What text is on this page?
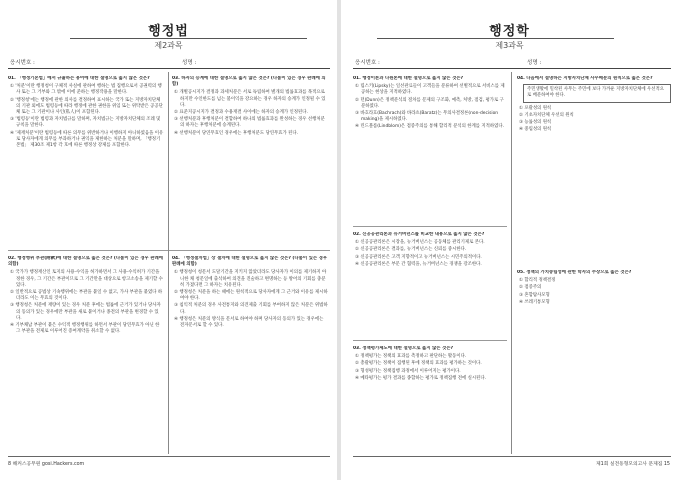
행정법
제2과목
응시번호 :	성명 :
01. 「행정기본법」에서 규율하는 용어에 대한 설명으로 옳지 않은 것은?
① '처분'이란 행정청이 구체적 사실에 관하여 행하는 법 집행으로서 공권력의 행사 또는 그 거부와 그 밖에 이에 준하는 행정작용을 말한다.
② '행정청'에는 행정에 관한 의사를 결정하여 표시하는 국가 또는 지방자치단체의 기관 외에도 법령등에 따라 행정에 관한 권한을 위임 또는 위탁받은 공공단체 또는 그 기관이나 사인(私人)이 포함된다.
③ '법령등'이란 법령과 자치법규를 말하며, 자치법규는 지방자치단체의 조례 및 규칙을 말한다.
④ '제재처분'이란 법령등에 따른 의무를 위반하거나 이행하지 아니하였음을 이유로 당사자에게 의무를 부과하거나 권익을 제한하는 처분을 말하며, 「행정기본법」 제30조 제1항 각 호에 따른 행정상 강제를 포함한다.
03. 하자의 승계에 대한 설명으로 옳지 않은 것은? (다툼이 있는 경우 판례에 의함)
① 개별공시지가 결정과 과세처분은 서로 독립하여 별개의 법률효과를 목적으로 하지만 수인한도를 넘는 불이익을 강요하는 경우 하자의 승계가 인정될 수 있다.
② 표준지공시지가 결정과 수용재결 사이에는 하자의 승계가 인정된다.
③ 선행처분과 후행처분이 결합하여 하나의 법률효과를 완성하는 경우 선행처분의 하자는 후행처분에 승계된다.
④ 선행처분이 당연무효인 경우에는 후행처분도 당연무효가 된다.
02. 행정행위 부관(附款)에 대한 설명으로 옳은 것은? (다툼이 있는 경우 판례에 의함)
① 국가가 행정재산인 토지의 사용·수익을 허가하면서 그 사용·수익허가 기간을 정한 경우, 그 기간은 부관이므로 그 기간만을 대상으로 항고소송을 제기할 수 있다.
② 일반적으로 공법상 기속행위에는 부관을 붙일 수 없고, 가사 부관을 붙였다 하더라도 이는 무효의 것이다.
③ 행정청은 처분에 재량이 있는 경우 처분 후에는 법률에 근거가 있거나 당사자의 동의가 있는 경우에만 부관을 새로 붙이거나 종전의 부관을 변경할 수 있다.
④ 기부채납 부관이 붙은 수익적 행정행위를 하면서 부관이 당연무효가 아닌 한 그 부관을 전제로 이루어진 증여계약을 취소할 수 없다.
04. 「행정절차법」상 절차에 대한 설명으로 옳지 않은 것은? (다툼이 있는 경우 판례에 의함)
① 행정청이 청문서 도달기간을 지키지 않았더라도 당사자가 이의를 제기하지 아니한 채 청문일에 출석하여 의견을 진술하고 변명하는 등 방어의 기회를 충분히 가졌다면 그 하자는 치유된다.
② 행정청은 처분을 하는 때에는 원칙적으로 당사자에게 그 근거와 이유를 제시하여야 한다.
③ 침익적 처분의 경우 사전통지와 의견제출 기회를 부여하지 않은 처분은 위법하다.
④ 행정청은 처분의 방식을 문서로 하여야 하며 당사자의 동의가 있는 경우에는 전자문서로 할 수 있다.
8 해커스공무원 gosi.Hackers.com
행정학
제3과목
응시번호 :	성명 :
01. 행정이론과 다원론에 대한 설명으로 옳지 않은 것은?
① 립스키(Lipsky)는 일선관료들이 고객들을 분류하여 선별적으로 서비스를 제공하는 현상을 지적하였다.
② 던(Dunn)은 정책분석의 절차를 문제의 구조화, 예측, 처방, 점검, 평가로 구분하였다.
③ 바흐라흐(Bachrach)와 바라츠(Baratz)는 무의사결정론(non-decision making)을 제시하였다.
④ 린드블롬(Lindblom)은 점증주의를 통해 합리적 분석의 한계를 지적하였다.
02. 신공공관리론과 뉴거버넌스를 비교한 내용으로 옳지 않은 것은?
① 신공공관리론은 시장을, 뉴거버넌스는 공동체를 관리기제로 본다.
② 신공공관리론은 결과를, 뉴거버넌스는 신뢰를 중시한다.
③ 신공공관리론은 고객 지향적이고 뉴거버넌스는 시민주의적이다.
④ 신공공관리론은 부문 간 협력을, 뉴거버넌스는 경쟁을 강조한다.
03. 정책평가제도에 대한 설명으로 옳지 않은 것은?
① 정책평가는 정책의 효과를 측정하고 판단하는 활동이다.
② 총괄평가는 정책이 집행된 후에 정책의 효과를 평가하는 것이다.
③ 형성평가는 정책집행 과정에서 이루어지는 평가이다.
④ 메타평가는 평가 결과를 종합하는 평가로 정책집행 전에 실시된다.
04. 다음에서 설명하는 지방자치단체 사무배분의 원칙으로 옳은 것은?
주민생활에 밀착된 사무는 주민에 보다 가까운 지방자치단체에 우선적으로 배분하여야 한다.
① 포괄성의 원칙
② 기초자치단체 우선의 원칙
③ 능률성의 원칙
④ 중립성의 원칙
05. 정책의 가치중립성에 관한 학자의 주장으로 옳은 것은?
① 합리적 정책결정
② 점증주의
③ 혼합탐사모형
④ 쓰레기통모형
제1회 실전동형모의고사 문제집 15
